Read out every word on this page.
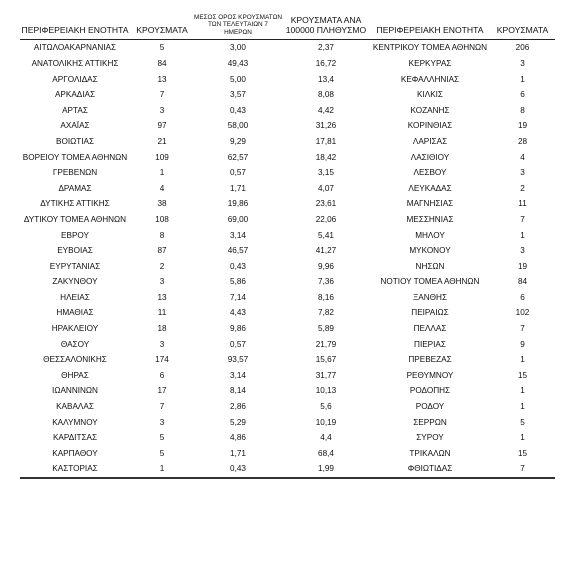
ΠΕΡΙΦΕΡΕΙΑΚΗ ΕΝΟΤΗΤΑ	ΚΡΟΥΣΜΑΤΑ	ΜΕΣΟΣ ΟΡΟΣ ΚΡΟΥΣΜΑΤΩΝ ΤΩΝ ΤΕΛΕΥΤΑΙΩΝ 7 ΗΜΕΡΩΝ	ΚΡΟΥΣΜΑΤΑ ΑΝΑ 100000 ΠΛΗΘΥΣΜΟ	ΠΕΡΙΦΕΡΕΙΑΚΗ ΕΝΟΤΗΤΑ	ΚΡΟΥΣΜΑΤΑ
ΑΙΤΩΛΟΑΚΑΡΝΑΝΙΑΣ	5	3,00	2,37	ΚΕΝΤΡΙΚΟΥ ΤΟΜΕΑ ΑΘΗΝΩΝ	206
ΑΝΑΤΟΛΙΚΗΣ ΑΤΤΙΚΗΣ	84	49,43	16,72	ΚΕΡΚΥΡΑΣ	3
ΑΡΓΟΛΙΔΑΣ	13	5,00	13,4	ΚΕΦΑΛΛΗΝΙΑΣ	1
ΑΡΚΑΔΙΑΣ	7	3,57	8,08	ΚΙΛΚΙΣ	6
ΑΡΤΑΣ	3	0,43	4,42	ΚΟΖΑΝΗΣ	8
ΑΧΑΪΑΣ	97	58,00	31,26	ΚΟΡΙΝΘΙΑΣ	19
ΒΟΙΩΤΙΑΣ	21	9,29	17,81	ΛΑΡΙΣΑΣ	28
ΒΟΡΕΙΟΥ ΤΟΜΕΑ ΑΘΗΝΩΝ	109	62,57	18,42	ΛΑΣΙΘΙΟΥ	4
ΓΡΕΒΕΝΩΝ	1	0,57	3,15	ΛΕΣΒΟΥ	3
ΔΡΑΜΑΣ	4	1,71	4,07	ΛΕΥΚΑΔΑΣ	2
ΔΥΤΙΚΗΣ ΑΤΤΙΚΗΣ	38	19,86	23,61	ΜΑΓΝΗΣΙΑΣ	11
ΔΥΤΙΚΟΥ ΤΟΜΕΑ ΑΘΗΝΩΝ	108	69,00	22,06	ΜΕΣΣΗΝΙΑΣ	7
ΕΒΡΟΥ	8	3,14	5,41	ΜΗΛΟΥ	1
ΕΥΒΟΙΑΣ	87	46,57	41,27	ΜΥΚΟΝΟΥ	3
ΕΥΡΥΤΑΝΙΑΣ	2	0,43	9,96	ΝΗΣΩΝ	19
ΖΑΚΥΝΘΟΥ	3	5,86	7,36	ΝΟΤΙΟΥ ΤΟΜΕΑ ΑΘΗΝΩΝ	84
ΗΛΕΙΑΣ	13	7,14	8,16	ΞΑΝΘΗΣ	6
ΗΜΑΘΙΑΣ	11	4,43	7,82	ΠΕΙΡΑΙΩΣ	102
ΗΡΑΚΛΕΙΟΥ	18	9,86	5,89	ΠΕΛΛΑΣ	7
ΘΑΣΟΥ	3	0,57	21,79	ΠΙΕΡΙΑΣ	9
ΘΕΣΣΑΛΟΝΙΚΗΣ	174	93,57	15,67	ΠΡΕΒΕΖΑΣ	1
ΘΗΡΑΣ	6	3,14	31,77	ΡΕΘΥΜΝΟΥ	15
ΙΩΑΝΝΙΝΩΝ	17	8,14	10,13	ΡΟΔΟΠΗΣ	1
ΚΑΒΑΛΑΣ	7	2,86	5,6	ΡΟΔΟΥ	1
ΚΑΛΥΜΝΟΥ	3	5,29	10,19	ΣΕΡΡΩΝ	5
ΚΑΡΔΙΤΣΑΣ	5	4,86	4,4	ΣΥΡΟΥ	1
ΚΑΡΠΑΘΟΥ	5	1,71	68,4	ΤΡΙΚΑΛΩΝ	15
ΚΑΣΤΟΡΙΑΣ	1	0,43	1,99	ΦΘΙΩΤΙΔΑΣ	7
